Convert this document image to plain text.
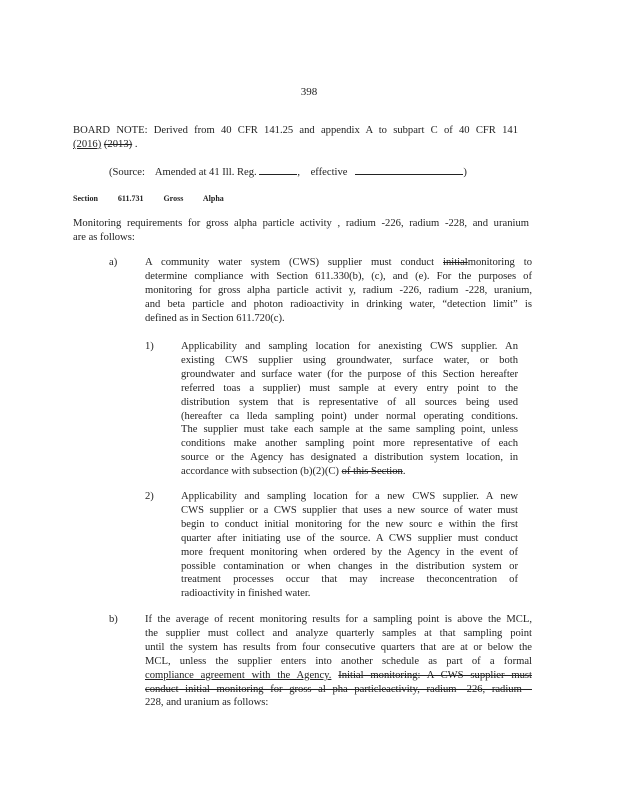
398
BOARD NOTE: Derived from 40 CFR 141.25 and appendix A to subpart C of 40 CFR 141
(2016) (2013) .
(Source: Amended at 41 Ill. Reg.	, effective	)
Section	611.731	Gross Alpha
Monitoring requirements for gross alpha particle activity , radium -226, radium -228, and uranium
are as follows:
a)	A community water system (CWS) supplier must conduct initialmonitoring to
determine compliance with Section 611.330(b), (c), and (e). For the purposes of
monitoring for gross alpha particle activit y, radium -226, radium -228, uranium,
and beta particle and photon radioactivity in drinking water, “detection limit” is
defined as in Section 611.720(c).
1)	Applicability and sampling location for anexisting CWS supplier. An
existing CWS supplier using groundwater, surface water, or both
groundwater and surface water (for the purpose of this Section hereafter
referred toas a supplier) must sample at every entry point to the
distribution system that is representative of all sources being used
(hereafter ca lleda sampling point) under normal operating conditions.
The supplier must take each sample at the same sampling point, unless
conditions make another sampling point more representative of each
source or the Agency has designated a distribution system location, in
accordance with subsection (b)(2)(C) of this Section.
2)	Applicability and sampling location for a new CWS supplier. A new
CWS supplier or a CWS supplier that uses a new source of water must
begin to conduct initial monitoring for the new sourc e within the first
quarter after initiating use of the source. A CWS supplier must conduct
more frequent monitoring when ordered by the Agency in the event of
possible contamination or when changes in the distribution system or
treatment processes occur that may increase theconcentration of
radioactivity in finished water.
b)	If the average of recent monitoring results for a sampling point is above the MCL,
the supplier must collect and analyze quarterly samples at that sampling point
until the system has results from four consecutive quarters that are at or below the
MCL, unless the supplier enters into another schedule as part of a formal
compliance agreement with the Agency. Initial monitoring: A CWS supplier must
conduct initial monitoring for gross al pha particleactivity, radium -226, radium -
228, and uranium as follows:
